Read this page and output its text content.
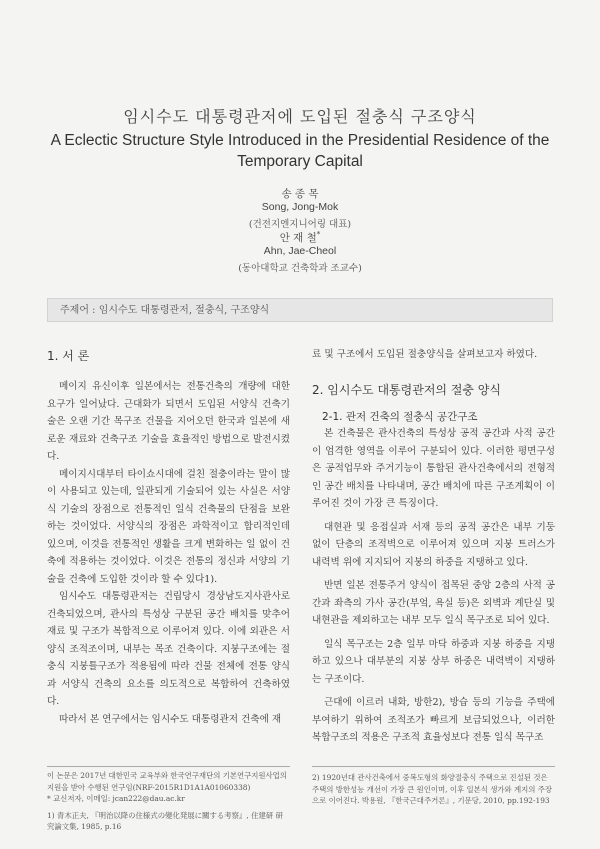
임시수도 대통령관저에 도입된 절충식 구조양식
A Eclectic Structure Style Introduced in the Presidential Residence of the
Temporary Capital
송 종 목
Song, Jong-Mok
(건전지엔지니어링 대표)
안 재 철*
Ahn, Jae-Cheol
(동아대학교 건축학과 조교수)
주제어 : 임시수도 대통령관저, 절충식, 구조양식
1. 서 론

메이지 유신이후 일본에서는 전통건축의 개량에 대한 요구가 일어났다. 근대화가 되면서 도입된 서양식 건축기술은 오랜 기간 목구조 건물을 지어오던 한국과 일본에 새로운 재료와 건축구조 기술을 효율적인 방법으로 발전시켰다.

메이지시대부터 타이쇼시대에 걸친 절충이라는 말이 많이 사용되고 있는데, 일관되게 기술되어 있는 사실은 서양식 기술의 장점으로 전통적인 일식 건축물의 단점을 보완하는 것이었다. 서양식의 장점은 과학적이고 합리적인데 있으며, 이것을 전통적인 생활을 크게 변화하는 일 없이 건축에 적용하는 것이었다. 이것은 전통의 정신과 서양의 기술을 건축에 도입한 것이라 할 수 있다1).

임시수도 대통령관저는 건립당시 경상남도지사관사로 건축되었으며, 관사의 특성상 구분된 공간 배치를 맞추어 재료 및 구조가 복합적으로 이루어져 있다. 이에 외관은 서양식 조적조이며, 내부는 목조 건축이다. 지붕구조에는 절충식 지붕틀구조가 적용됨에 따라 건물 전체에 전통 양식과 서양식 건축의 요소를 의도적으로 복합하여 건축하였다.

따라서 본 연구에서는 임시수도 대통령관저 건축에 재

이 논문은 2017년 대한민국 교육부와 한국연구재단의 기본연구지원사업의 지원을 받아 수행된 연구임(NRF-2015R1D1A1A01060338)

* 교신저자, 이메일: jcan222@dau.ac.kr

1) 青木正夫, 『明治以降の住様式の變化発展に關する考察』, 住建研 研究論文集, 1985, p.16

료 및 구조에서 도입된 절충양식을 살펴보고자 하였다.

2. 임시수도 대통령관저의 절충 양식
2-1. 관저 건축의 절충식 공간구조

본 건축물은 관사건축의 특성상 공적 공간과 사적 공간이 엄격한 영역을 이루어 구분되어 있다. 이러한 평면구성은 공적업무와 주거기능이 통합된 관사건축에서의 전형적인 공간 배치를 나타내며, 공간 배치에 따른 구조계획이 이루어진 것이 가장 큰 특징이다.

대현관 및 응접실과 서재 등의 공적 공간은 내부 기둥 없이 단층의 조적벽으로 이루어져 있으며 지붕 트러스가 내력벽 위에 지지되어 지붕의 하중을 지탱하고 있다.

반면 일본 전통주거 양식이 접목된 중앙 2층의 사적 공간과 좌측의 가사 공간(부엌, 욕실 등)은 외벽과 계단실 및 내현관을 제외하고는 내부 모두 일식 목구조로 되어 있다.

일식 목구조는 2층 일부 마닥 하중과 지붕 하중을 지탱하고 있으나 대부분의 지붕 상부 하중은 내력벽이 지탱하는 구조이다.

근대에 이르러 내화, 방한2), 방습 등의 기능을 주택에 부여하기 위하여 조적조가 빠르게 보급되었으나, 이러한 복합구조의 적용은 구조적 효율성보다 전통 일식 목구조

2) 1920년대 관사건축에서 중복도형의 화양절충식 주택으로 진설된 것은 주택의 방한성능 개선이 가장 큰 원인이며, 이후 일본식 생가와 계지의 주장으로 이어진다. 박용원, 『한국근대주거론』, 기문당, 2010, pp.192-193
